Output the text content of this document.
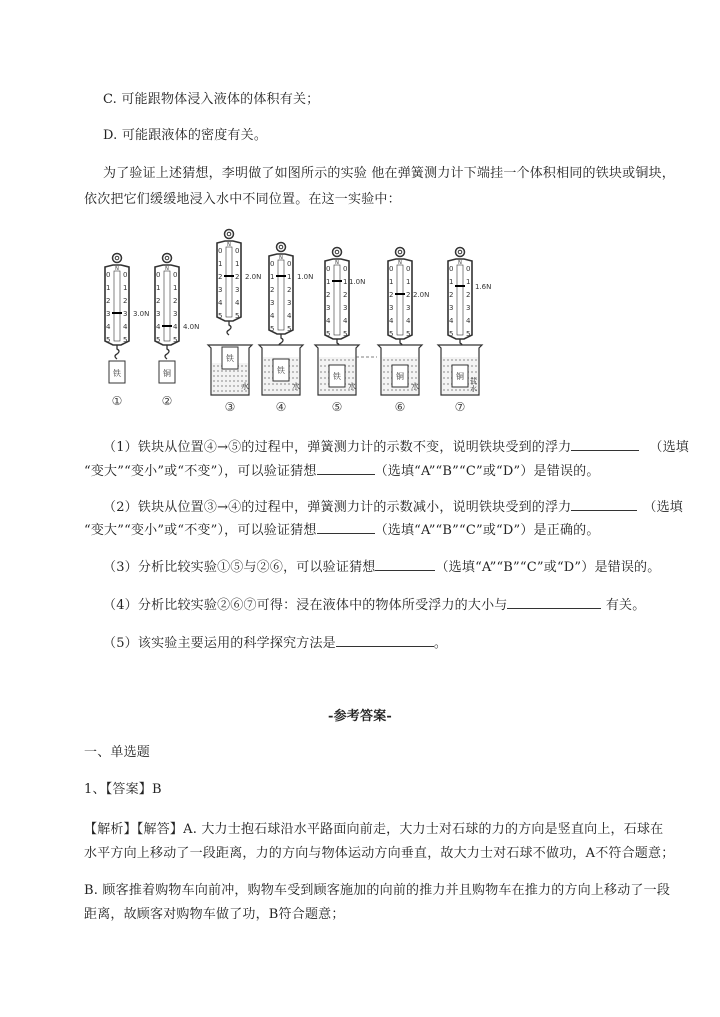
C. 可能跟物体浸入液体的体积有关；
D. 可能跟液体的密度有关。
为了验证上述猜想，李明做了如图所示的实验 他在弹簧测力计下端挂一个体积相同的铁块或铜块，
依次把它们缓缓地浸入水中不同位置。在这一实验中：
N
0 0
1 1
2 2
3 3
4 4
5 5
铁
3.0N
①
N
0 0
1 1
2 2
3 3
4 4
5 5
铜
4.0N
②
N
0 0
1 1
2 2
3 3
4 4
5 5
2.0N
铁
水
③
N
0 0
1 1
2 2
3 3
4 4
5 5
1.0N
铁
水
④
N
0 0
1 1
2 2
3 3
4 4
5 5
1.0N
铁
水
⑤
N
0 0
1 1
2 2
3 3
4 4
5 5
2.0N
铜
水
⑥
N
0 0
1 1
2 2
3 3
4 4
5 5
1.6N
铜 盐
水
⑦
（1）铁块从位置④→⑤的过程中，弹簧测力计的示数不变，说明铁块受到的浮力	（选填
“变大”“变小”或“不变”），可以验证猜想	（选填“A”“B”“C”或“D”）是错误的。
（2）铁块从位置③→④的过程中，弹簧测力计的示数减小，说明铁块受到的浮力	（选填
“变大”“变小”或“不变”），可以验证猜想	（选填“A”“B”“C”或“D”）是正确的。
（3）分析比较实验①⑤与②⑥，可以验证猜想	（选填“A”“B”“C”或“D”）是错误的。
（4）分析比较实验②⑥⑦可得：浸在液体中的物体所受浮力的大小与	有关。
（5）该实验主要运用的科学探究方法是	。
-参考答案-
一、单选题
1、【答案】B
【解析】【解答】A. 大力士抱石球沿水平路面向前走，大力士对石球的力的方向是竖直向上，石球在
水平方向上移动了一段距离，力的方向与物体运动方向垂直，故大力士对石球不做功，A不符合题意；
B. 顾客推着购物车向前冲，购物车受到顾客施加的向前的推力并且购物车在推力的方向上移动了一段
距离，故顾客对购物车做了功，B符合题意；
